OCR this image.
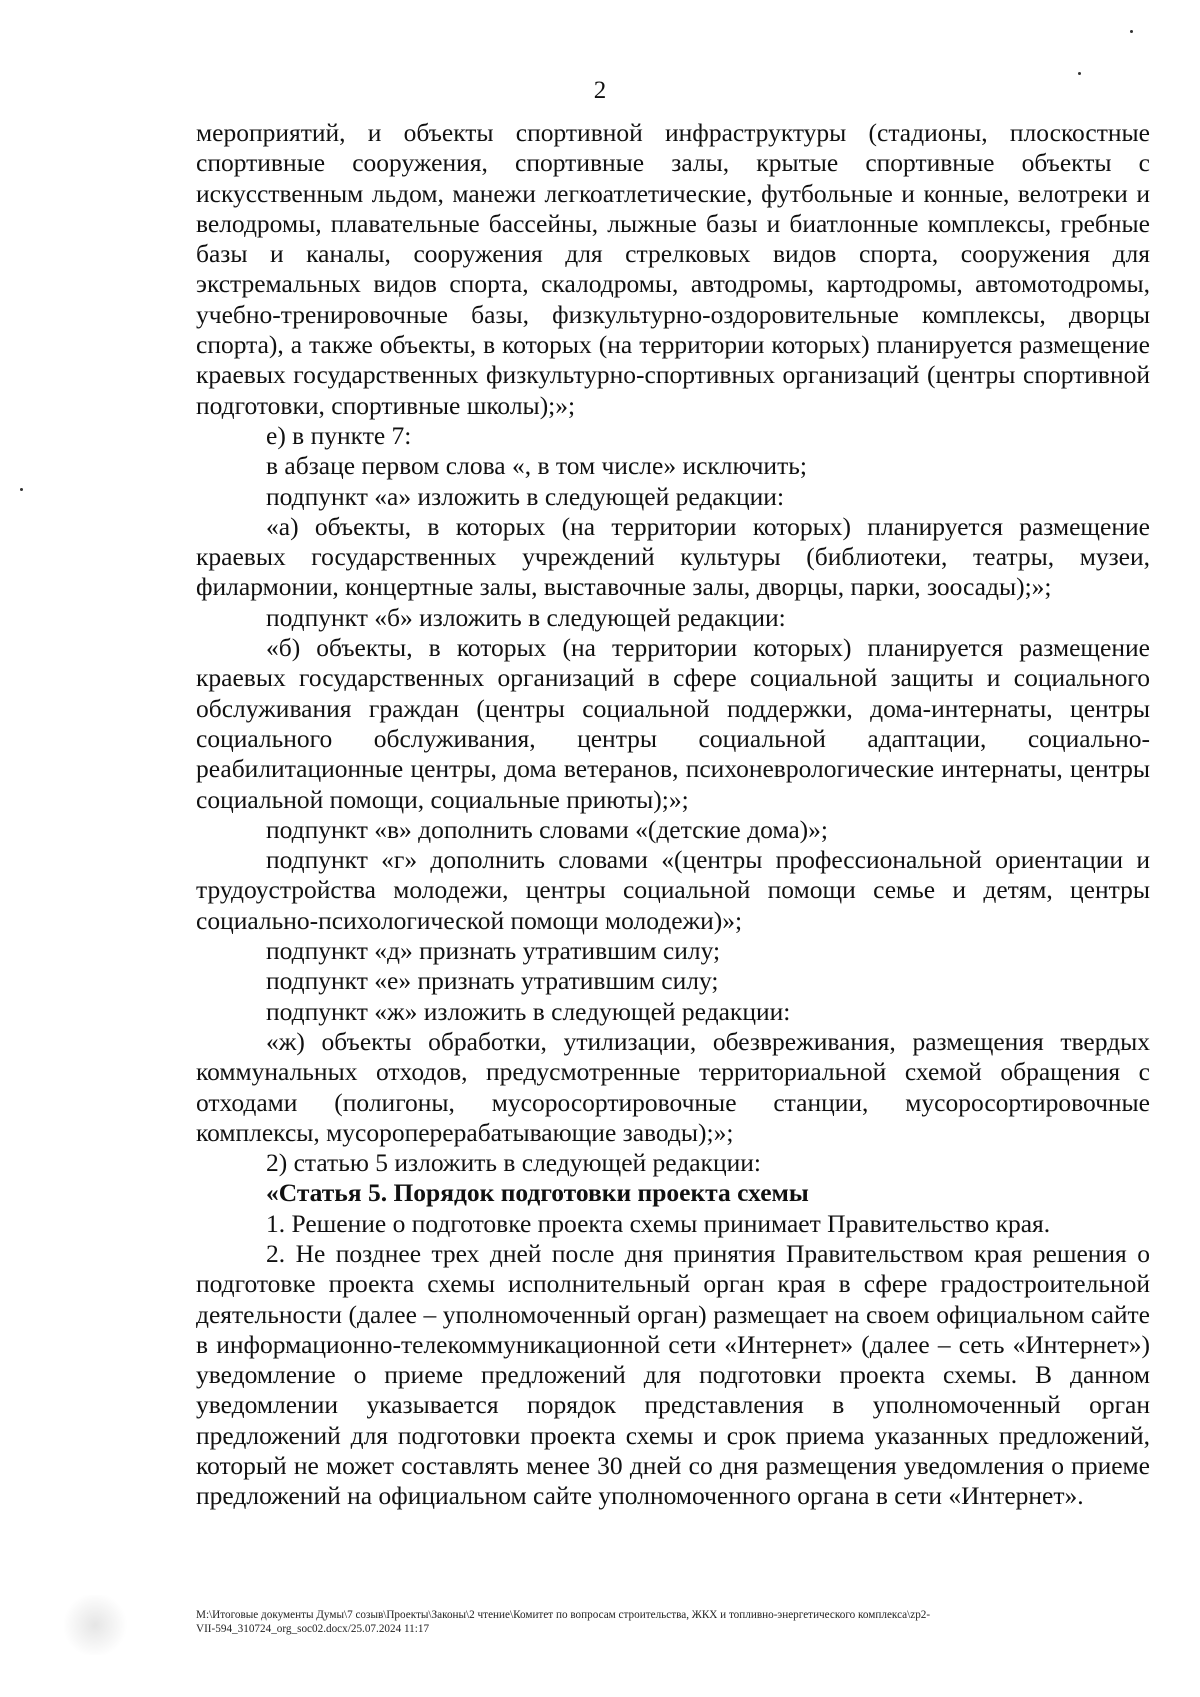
2

мероприятий, и объекты спортивной инфраструктуры (стадионы, плоскостные спортивные сооружения, спортивные залы, крытые спортивные объекты с искусственным льдом, манежи легкоатлетические, футбольные и конные, велотреки и велодромы, плавательные бассейны, лыжные базы и биатлонные комплексы, гребные базы и каналы, сооружения для стрелковых видов спорта, сооружения для экстремальных видов спорта, скалодромы, автодромы, картодромы, автомотодромы, учебно-тренировочные базы, физкультурно-оздоровительные комплексы, дворцы спорта), а также объекты, в которых (на территории которых) планируется размещение краевых государственных физкультурно-спортивных организаций (центры спортивной подготовки, спортивные школы);»;

е) в пункте 7:

в абзаце первом слова «, в том числе» исключить;

подпункт «а» изложить в следующей редакции:

«а) объекты, в которых (на территории которых) планируется размещение краевых государственных учреждений культуры (библиотеки, театры, музеи, филармонии, концертные залы, выставочные залы, дворцы, парки, зоосады);»;

подпункт «б» изложить в следующей редакции:

«б) объекты, в которых (на территории которых) планируется размещение краевых государственных организаций в сфере социальной защиты и социального обслуживания граждан (центры социальной поддержки, дома-интернаты, центры социального обслуживания, центры социальной адаптации, социально-реабилитационные центры, дома ветеранов, психоневрологические интернаты, центры социальной помощи, социальные приюты);»;

подпункт «в» дополнить словами «(детские дома)»;

подпункт «г» дополнить словами «(центры профессиональной ориентации и трудоустройства молодежи, центры социальной помощи семье и детям, центры социально-психологической помощи молодежи)»;

подпункт «д» признать утратившим силу;

подпункт «е» признать утратившим силу;

подпункт «ж» изложить в следующей редакции:

«ж) объекты обработки, утилизации, обезвреживания, размещения твердых коммунальных отходов, предусмотренные территориальной схемой обращения с отходами (полигоны, мусоросортировочные станции, мусоросортировочные комплексы, мусороперерабатывающие заводы);»;

2) статью 5 изложить в следующей редакции:

«Статья 5. Порядок подготовки проекта схемы

1. Решение о подготовке проекта схемы принимает Правительство края.

2. Не позднее трех дней после дня принятия Правительством края решения о подготовке проекта схемы исполнительный орган края в сфере градостроительной деятельности (далее – уполномоченный орган) размещает на своем официальном сайте в информационно-телекоммуникационной сети «Интернет» (далее – сеть «Интернет») уведомление о приеме предложений для подготовки проекта схемы. В данном уведомлении указывается порядок представления в уполномоченный орган предложений для подготовки проекта схемы и срок приема указанных предложений, который не может составлять менее 30 дней со дня размещения уведомления о приеме предложений на официальном сайте уполномоченного органа в сети «Интернет».

M:\Итоговые документы Думы\7 созыв\Проекты\Законы\2 чтение\Комитет по вопросам строительства, ЖКХ и топливно-энергетического комплекса\zp2-
VII-594_310724_org_soc02.docx/25.07.2024 11:17
